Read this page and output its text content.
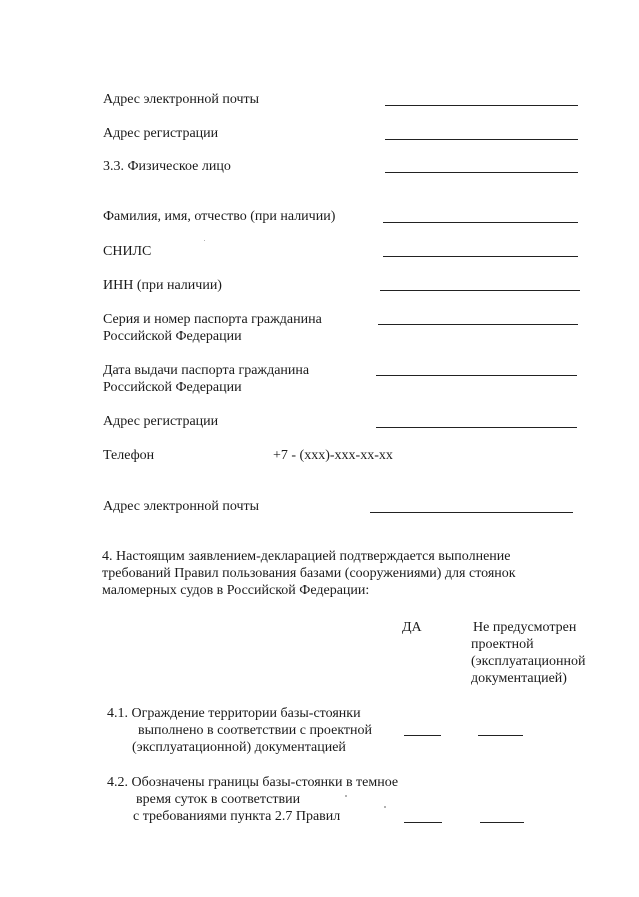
Адрес электронной почты
Адрес регистрации
3.3. Физическое лицо
Фамилия, имя, отчество (при наличии)
СНИЛС
ИНН (при наличии)
Серия и номер паспорта гражданина
Российской Федерации
Дата выдачи паспорта гражданина
Российской Федерации
Адрес регистрации
Телефон	+7 - (xxx)-xxx-xx-xx
Адрес электронной почты
4. Настоящим заявлением-декларацией подтверждается выполнение
требований Правил пользования базами (сооружениями) для стоянок
маломерных судов в Российской Федерации:
ДА	Не предусмотрен
проектной
(эксплуатационной
документацией)
4.1. Ограждение территории базы-стоянки
выполнено в соответствии с проектной
(эксплуатационной) документацией
4.2. Обозначены границы базы-стоянки в темное
время суток в соответствии
с требованиями пункта 2.7 Правил
